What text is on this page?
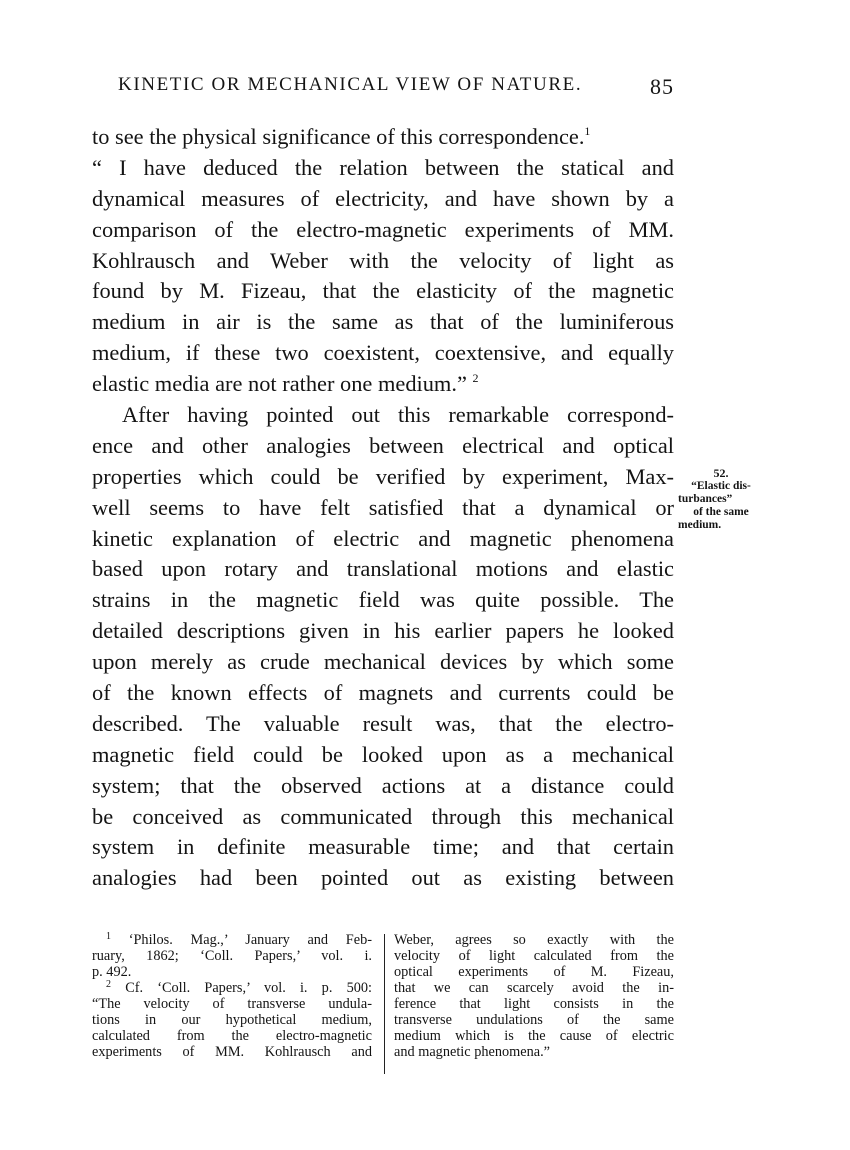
KINETIC OR MECHANICAL VIEW OF NATURE.	85
to see the physical significance of this correspondence.$^1$
“ I have deduced the relation between the statical and
dynamical measures of electricity, and have shown by a
comparison of the electro-magnetic experiments of MM.
Kohlrausch and Weber with the velocity of light as
found by M. Fizeau, that the elasticity of the magnetic
medium in air is the same as that of the luminiferous
medium, if these two coexistent, coextensive, and equally
elastic media are not rather one medium.” $^2$
After having pointed out this remarkable correspond-
ence and other analogies between electrical and optical
properties which could be verified by experiment, Max-
well seems to have felt satisfied that a dynamical or
kinetic explanation of electric and magnetic phenomena
based upon rotary and translational motions and elastic
strains in the magnetic field was quite possible. The
detailed descriptions given in his earlier papers he looked
upon merely as crude mechanical devices by which some
of the known effects of magnets and currents could be
described. The valuable result was, that the electro-
magnetic field could be looked upon as a mechanical
system; that the observed actions at a distance could
be conceived as communicated through this mechanical
system in definite measurable time; and that certain
analogies had been pointed out as existing between
52.
“Elastic dis-
turbances”
of the same
medium.
$^1$ ‘Philos. Mag.,’ January and Feb-
ruary, 1862; ‘Coll. Papers,’ vol. i.
p. 492.
$^2$ Cf. ‘Coll. Papers,’ vol. i. p. 500:
“The velocity of transverse undula-
tions in our hypothetical medium,
calculated from the electro-magnetic
experiments of MM. Kohlrausch and
Weber, agrees so exactly with the
velocity of light calculated from the
optical experiments of M. Fizeau,
that we can scarcely avoid the in-
ference that light consists in the
transverse undulations of the same
medium which is the cause of electric
and magnetic phenomena.”
